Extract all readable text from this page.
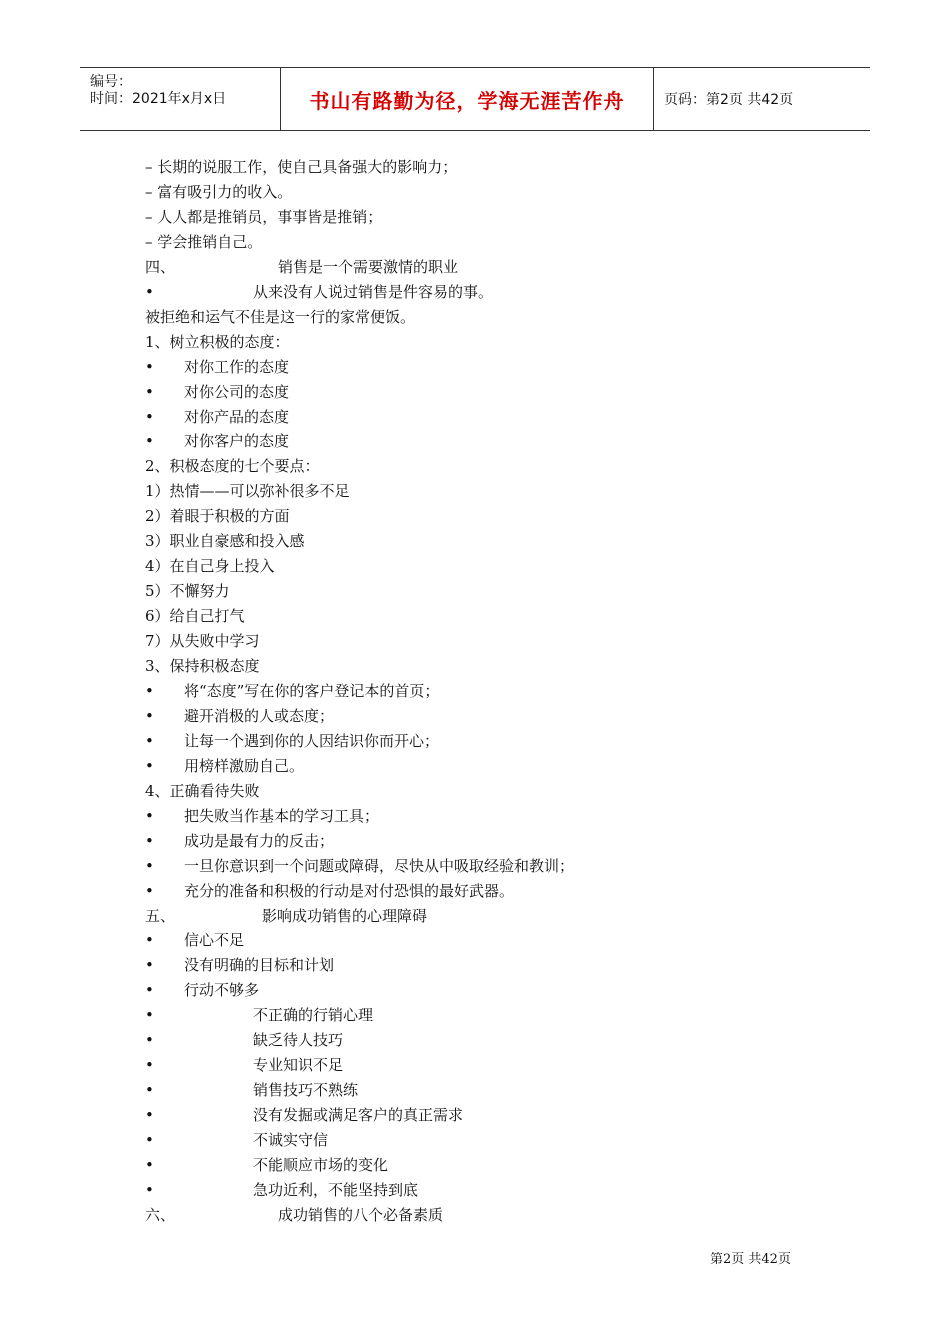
编号：
时间：2021年x月x日	书山有路勤为径，学海无涯苦作舟	页码：第2页 共42页
– 长期的说服工作，使自己具备强大的影响力；
– 富有吸引力的收入。
– 人人都是推销员，事事皆是推销；
– 学会推销自己。
四、	销售是一个需要激情的职业
•	从来没有人说过销售是件容易的事。
被拒绝和运气不佳是这一行的家常便饭。
1、树立积极的态度：
• 对你工作的态度
• 对你公司的态度
• 对你产品的态度
• 对你客户的态度
2、积极态度的七个要点：
1）热情——可以弥补很多不足
2）着眼于积极的方面
3）职业自豪感和投入感
4）在自己身上投入
5）不懈努力
6）给自己打气
7）从失败中学习
3、保持积极态度
• 将“态度”写在你的客户登记本的首页；
• 避开消极的人或态度；
• 让每一个遇到你的人因结识你而开心；
• 用榜样激励自己。
4、正确看待失败
• 把失败当作基本的学习工具；
• 成功是最有力的反击；
• 一旦你意识到一个问题或障碍，尽快从中吸取经验和教训；
• 充分的准备和积极的行动是对付恐惧的最好武器。
五、	影响成功销售的心理障碍
• 信心不足
• 没有明确的目标和计划
• 行动不够多
•	不正确的行销心理
•	缺乏待人技巧
•	专业知识不足
•	销售技巧不熟练
•	没有发掘或满足客户的真正需求
•	不诚实守信
•	不能顺应市场的变化
•	急功近利，不能坚持到底
六、	成功销售的八个必备素质
第2页 共42页
